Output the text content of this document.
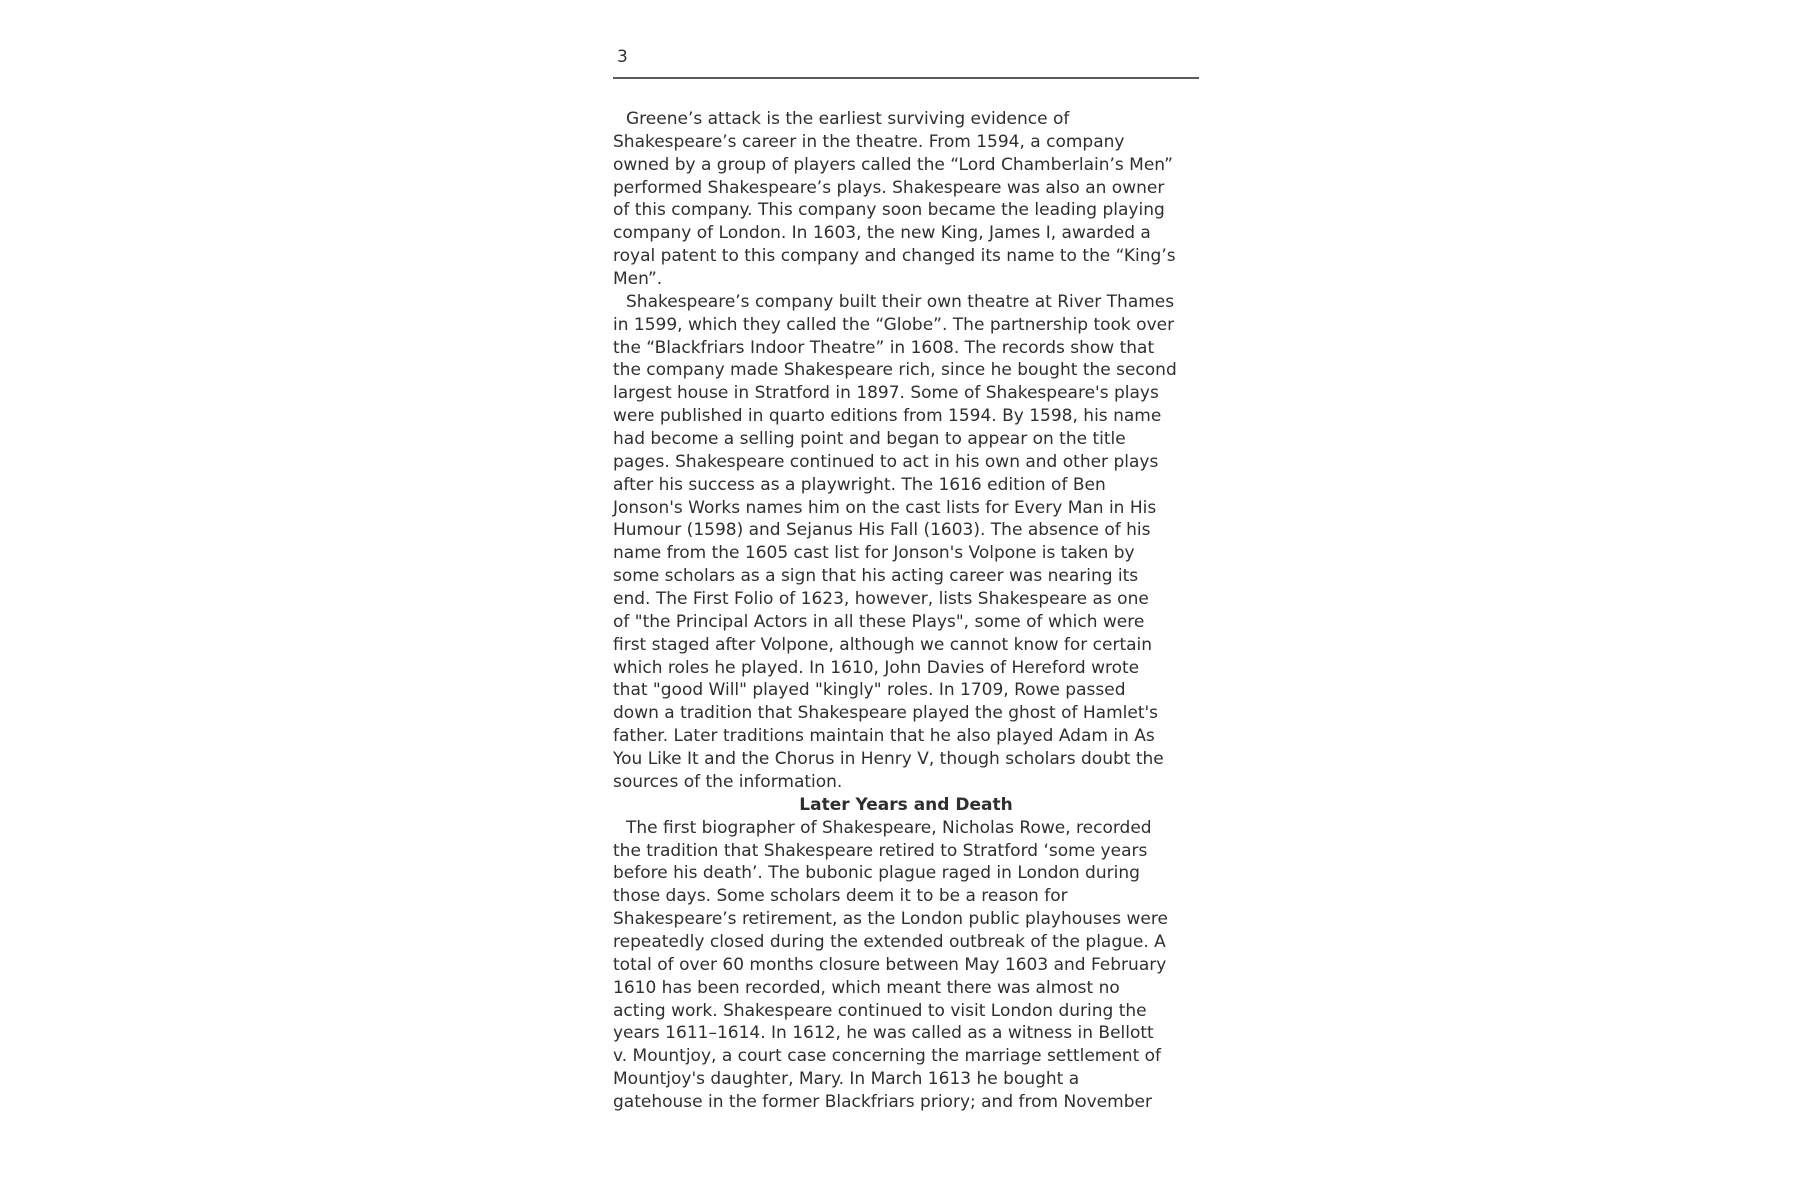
3
Greene’s attack is the earliest surviving evidence of
Shakespeare’s career in the theatre. From 1594, a company
owned by a group of players called the “Lord Chamberlain’s Men”
performed Shakespeare’s plays. Shakespeare was also an owner
of this company. This company soon became the leading playing
company of London. In 1603, the new King, James I, awarded a
royal patent to this company and changed its name to the “King’s
Men”.
Shakespeare’s company built their own theatre at River Thames
in 1599, which they called the “Globe”. The partnership took over
the “Blackfriars Indoor Theatre” in 1608. The records show that
the company made Shakespeare rich, since he bought the second
largest house in Stratford in 1897. Some of Shakespeare's plays
were published in quarto editions from 1594. By 1598, his name
had become a selling point and began to appear on the title
pages. Shakespeare continued to act in his own and other plays
after his success as a playwright. The 1616 edition of Ben
Jonson's Works names him on the cast lists for Every Man in His
Humour (1598) and Sejanus His Fall (1603). The absence of his
name from the 1605 cast list for Jonson's Volpone is taken by
some scholars as a sign that his acting career was nearing its
end. The First Folio of 1623, however, lists Shakespeare as one
of "the Principal Actors in all these Plays", some of which were
first staged after Volpone, although we cannot know for certain
which roles he played. In 1610, John Davies of Hereford wrote
that "good Will" played "kingly" roles. In 1709, Rowe passed
down a tradition that Shakespeare played the ghost of Hamlet's
father. Later traditions maintain that he also played Adam in As
You Like It and the Chorus in Henry V, though scholars doubt the
sources of the information.
Later Years and Death
The first biographer of Shakespeare, Nicholas Rowe, recorded
the tradition that Shakespeare retired to Stratford ‘some years
before his death’. The bubonic plague raged in London during
those days. Some scholars deem it to be a reason for
Shakespeare’s retirement, as the London public playhouses were
repeatedly closed during the extended outbreak of the plague. A
total of over 60 months closure between May 1603 and February
1610 has been recorded, which meant there was almost no
acting work. Shakespeare continued to visit London during the
years 1611–1614. In 1612, he was called as a witness in Bellott
v. Mountjoy, a court case concerning the marriage settlement of
Mountjoy's daughter, Mary. In March 1613 he bought a
gatehouse in the former Blackfriars priory; and from November
